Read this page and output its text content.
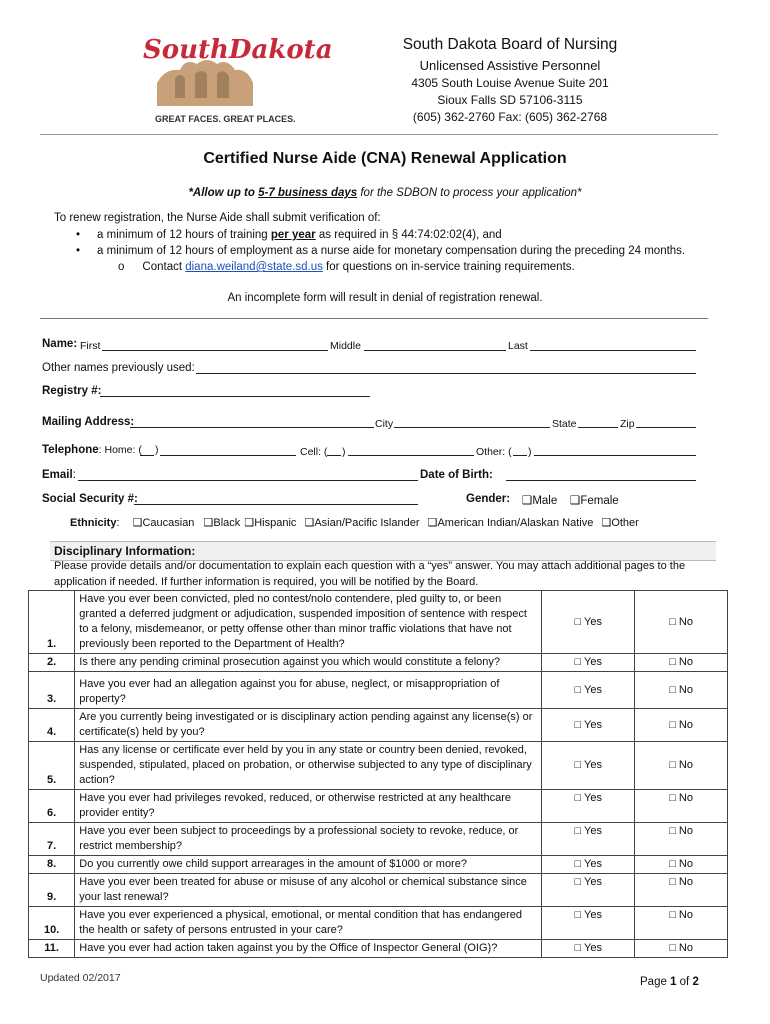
SouthDakota
GREAT FACES. GREAT PLACES.
South Dakota Board of Nursing
Unlicensed Assistive Personnel
4305 South Louise Avenue Suite 201
Sioux Falls SD 57106-3115
(605) 362-2760 Fax: (605) 362-2768
Certified Nurse Aide (CNA) Renewal Application
*Allow up to 5-7 business days for the SDBON to process your application*
To renew registration, the Nurse Aide shall submit verification of:
• a minimum of 12 hours of training per year as required in § 44:74:02:02(4), and
• a minimum of 12 hours of employment as a nurse aide for monetary compensation during the preceding 24 months.
o Contact diana.weiland@state.sd.us for questions on in-service training requirements.
An incomplete form will result in denial of registration renewal.
Name: First	Middle	Last
Other names previously used:
Registry #:
Mailing Address:	City	State	Zip
Telephone: Home: ( )	Cell: ( )	Other: ( )
Email:	Date of Birth:
Social Security #:	Gender: ❑Male ❑Female
Ethnicity: ❑Caucasian ❑Black ❑Hispanic ❑Asian/Pacific Islander ❑American Indian/Alaskan Native ❑Other
Disciplinary Information:
Please provide details and/or documentation to explain each question with a “yes” answer. You may attach additional pages to the application if needed. If further information is required, you will be notified by the Board.
1.	Have you ever been convicted, pled no contest/nolo contendere, pled guilty to, or been granted a deferred judgment or adjudication, suspended imposition of sentence with respect to a felony, misdemeanor, or petty offense other than minor traffic violations that have not previously been reported to the Department of Health?	□ Yes	□ No
2.	Is there any pending criminal prosecution against you which would constitute a felony?	□ Yes	□ No
3.	Have you ever had an allegation against you for abuse, neglect, or misappropriation of property?	□ Yes	□ No
4.	Are you currently being investigated or is disciplinary action pending against any license(s) or certificate(s) held by you?	□ Yes	□ No
5.	Has any license or certificate ever held by you in any state or country been denied, revoked, suspended, stipulated, placed on probation, or otherwise subjected to any type of disciplinary action?	□ Yes	□ No
6.	Have you ever had privileges revoked, reduced, or otherwise restricted at any healthcare provider entity?	□ Yes	□ No
7.	Have you ever been subject to proceedings by a professional society to revoke, reduce, or restrict membership?	□ Yes	□ No
8.	Do you currently owe child support arrearages in the amount of $1000 or more?	□ Yes	□ No
9.	Have you ever been treated for abuse or misuse of any alcohol or chemical substance since your last renewal?	□ Yes	□ No
10.	Have you ever experienced a physical, emotional, or mental condition that has endangered the health or safety of persons entrusted in your care?	□ Yes	□ No
11.	Have you ever had action taken against you by the Office of Inspector General (OIG)?	□ Yes	□ No
Updated 02/2017	Page 1 of 2
